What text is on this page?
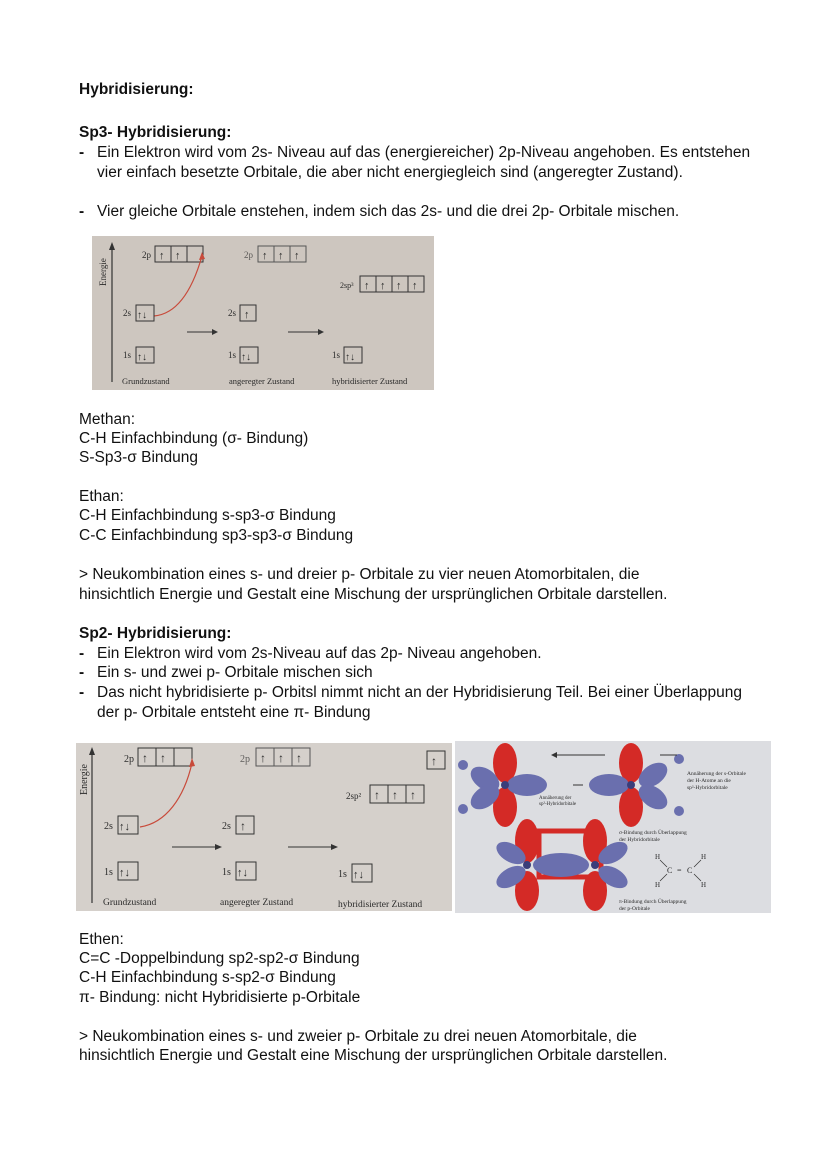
Hybridisierung:
Sp3- Hybridisierung:
- Ein Elektron wird vom 2s- Niveau auf das (energiereicher) 2p-Niveau angehoben. Es entstehen vier einfach besetzte Orbitale, die aber nicht energiegleich sind (angeregter Zustand).
- Vier gleiche Orbitale enstehen, indem sich das 2s- und die drei 2p- Orbitale mischen.
Energie
2p ↑ ↑
2s ↑↓
1s ↑↓
Grundzustand
2p ↑ ↑ ↑
2s ↑
1s ↑↓
angeregter Zustand
2sp³ ↑ ↑ ↑ ↑
1s ↑↓
hybridisierter Zustand
Methan:
C-H Einfachbindung (σ- Bindung)
S-Sp3-σ Bindung
Ethan:
C-H Einfachbindung s-sp3-σ Bindung
C-C Einfachbindung sp3-sp3-σ Bindung
> Neukombination eines s- und dreier p- Orbitale zu vier neuen Atomorbitalen, die
hinsichtlich Energie und Gestalt eine Mischung der ursprünglichen Orbitale darstellen.
Sp2- Hybridisierung:
- Ein Elektron wird vom 2s-Niveau auf das 2p- Niveau angehoben.
- Ein s- und zwei p- Orbitale mischen sich
- Das nicht hybridisierte p- Orbitsl nimmt nicht an der Hybridisierung Teil. Bei einer Überlappung der p- Orbitale entsteht eine π- Bindung
Energie
2p ↑ ↑
2s ↑↓
1s ↑↓
Grundzustand
2p ↑ ↑ ↑
2s ↑
1s ↑↓
angeregter Zustand
↑
2sp² ↑ ↑ ↑
1s ↑↓
hybridisierter Zustand
Annäherung der s-Orbitale
der H-Atome an die
sp²-Hybridorbitale
Annäherung der
sp²-Hybridorbitale
σ-Bindung durch Überlappung
der Hybridorbitale
π-Bindung durch Überlappung
der p-Orbitale
H	H
C = C
H	H
Ethen:
C=C -Doppelbindung sp2-sp2-σ Bindung
C-H Einfachbindung s-sp2-σ Bindung
π- Bindung: nicht Hybridisierte p-Orbitale
> Neukombination eines s- und zweier p- Orbitale zu drei neuen Atomorbitale, die
hinsichtlich Energie und Gestalt eine Mischung der ursprünglichen Orbitale darstellen.
